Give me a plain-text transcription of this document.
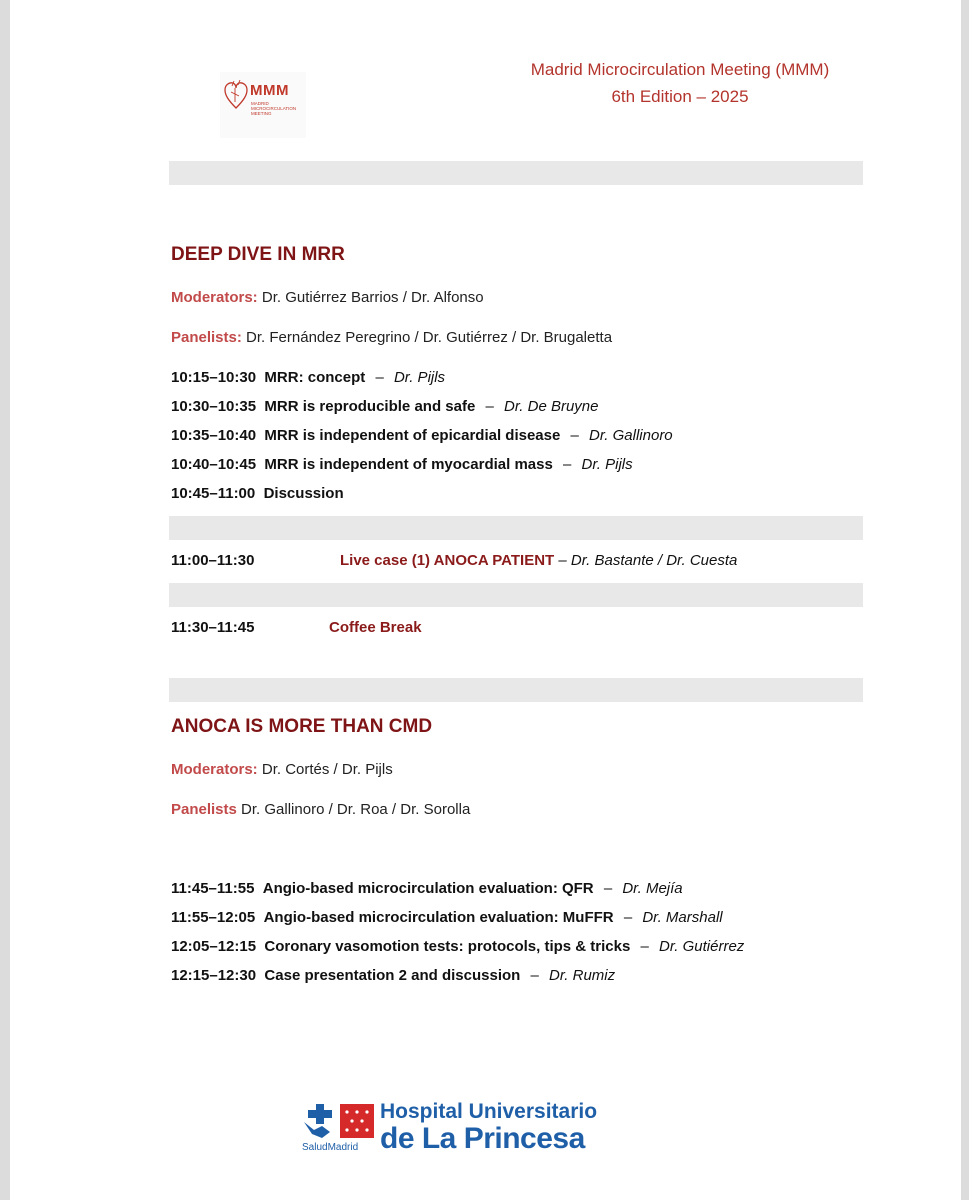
MMM
MADRID MICROCIRCULATION MEETING
Madrid Microcirculation Meeting (MMM)
6th Edition – 2025
DEEP DIVE IN MRR
Moderators: Dr. Gutiérrez Barrios / Dr. Alfonso
Panelists: Dr. Fernández Peregrino / Dr. Gutiérrez / Dr. Brugaletta
10:15–10:30 MRR: concept – Dr. Pijls
10:30–10:35 MRR is reproducible and safe – Dr. De Bruyne
10:35–10:40 MRR is independent of epicardial disease – Dr. Gallinoro
10:40–10:45 MRR is independent of myocardial mass – Dr. Pijls
10:45–11:00 Discussion
11:00–11:30	Live case (1) ANOCA PATIENT – Dr. Bastante / Dr. Cuesta
11:30–11:45	Coffee Break
ANOCA IS MORE THAN CMD
Moderators: Dr. Cortés / Dr. Pijls
Panelists Dr. Gallinoro / Dr. Roa / Dr. Sorolla
11:45–11:55 Angio-based microcirculation evaluation: QFR – Dr. Mejía
11:55–12:05 Angio-based microcirculation evaluation: MuFFR – Dr. Marshall
12:05–12:15 Coronary vasomotion tests: protocols, tips & tricks – Dr. Gutiérrez
12:15–12:30 Case presentation 2 and discussion – Dr. Rumiz
Hospital Universitario
de La Princesa
SaludMadrid
